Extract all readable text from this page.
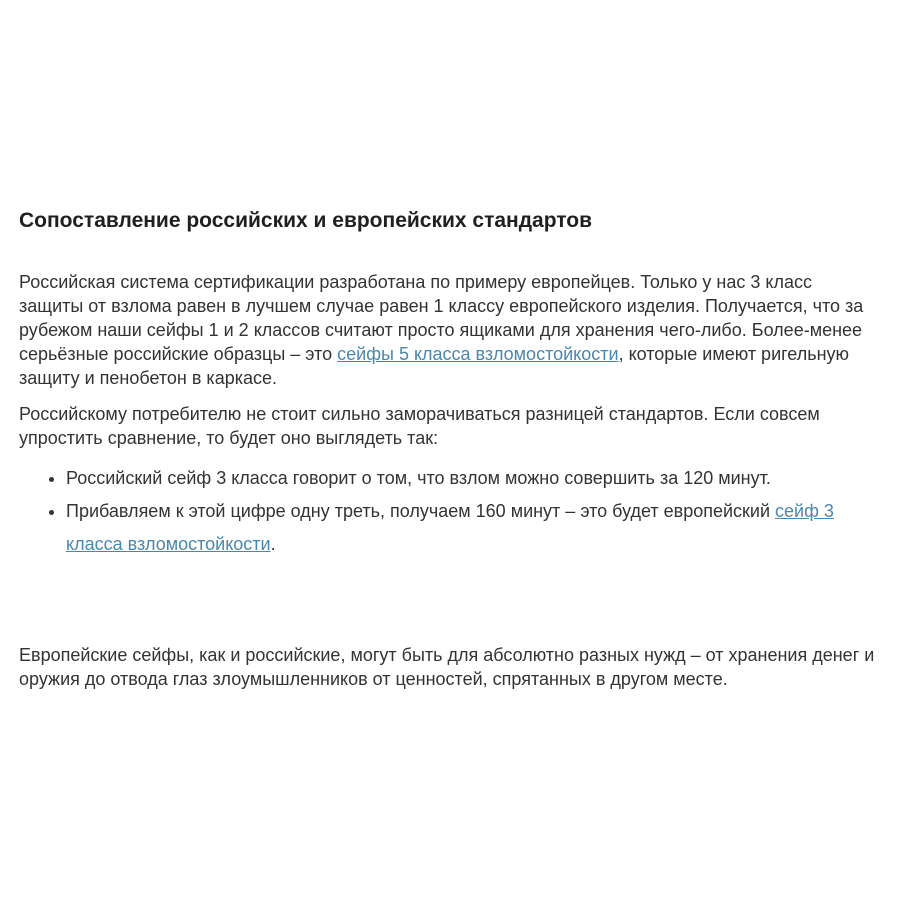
Сопоставление российских и европейских стандартов

Российская система сертификации разработана по примеру европейцев. Только у нас 3 класс защиты от взлома равен в лучшем случае равен 1 классу европейского изделия. Получается, что за рубежом наши сейфы 1 и 2 классов считают просто ящиками для хранения чего-либо. Более-менее серьёзные российские образцы – это сейфы 5 класса взломостойкости, которые имеют ригельную защиту и пенобетон в каркасе.

Российскому потребителю не стоит сильно заморачиваться разницей стандартов. Если совсем упростить сравнение, то будет оно выглядеть так:

• Российский сейф 3 класса говорит о том, что взлом можно совершить за 120 минут.
• Прибавляем к этой цифре одну треть, получаем 160 минут – это будет европейский сейф 3 класса взломостойкости.

Европейские сейфы, как и российские, могут быть для абсолютно разных нужд – от хранения денег и оружия до отвода глаз злоумышленников от ценностей, спрятанных в другом месте.
